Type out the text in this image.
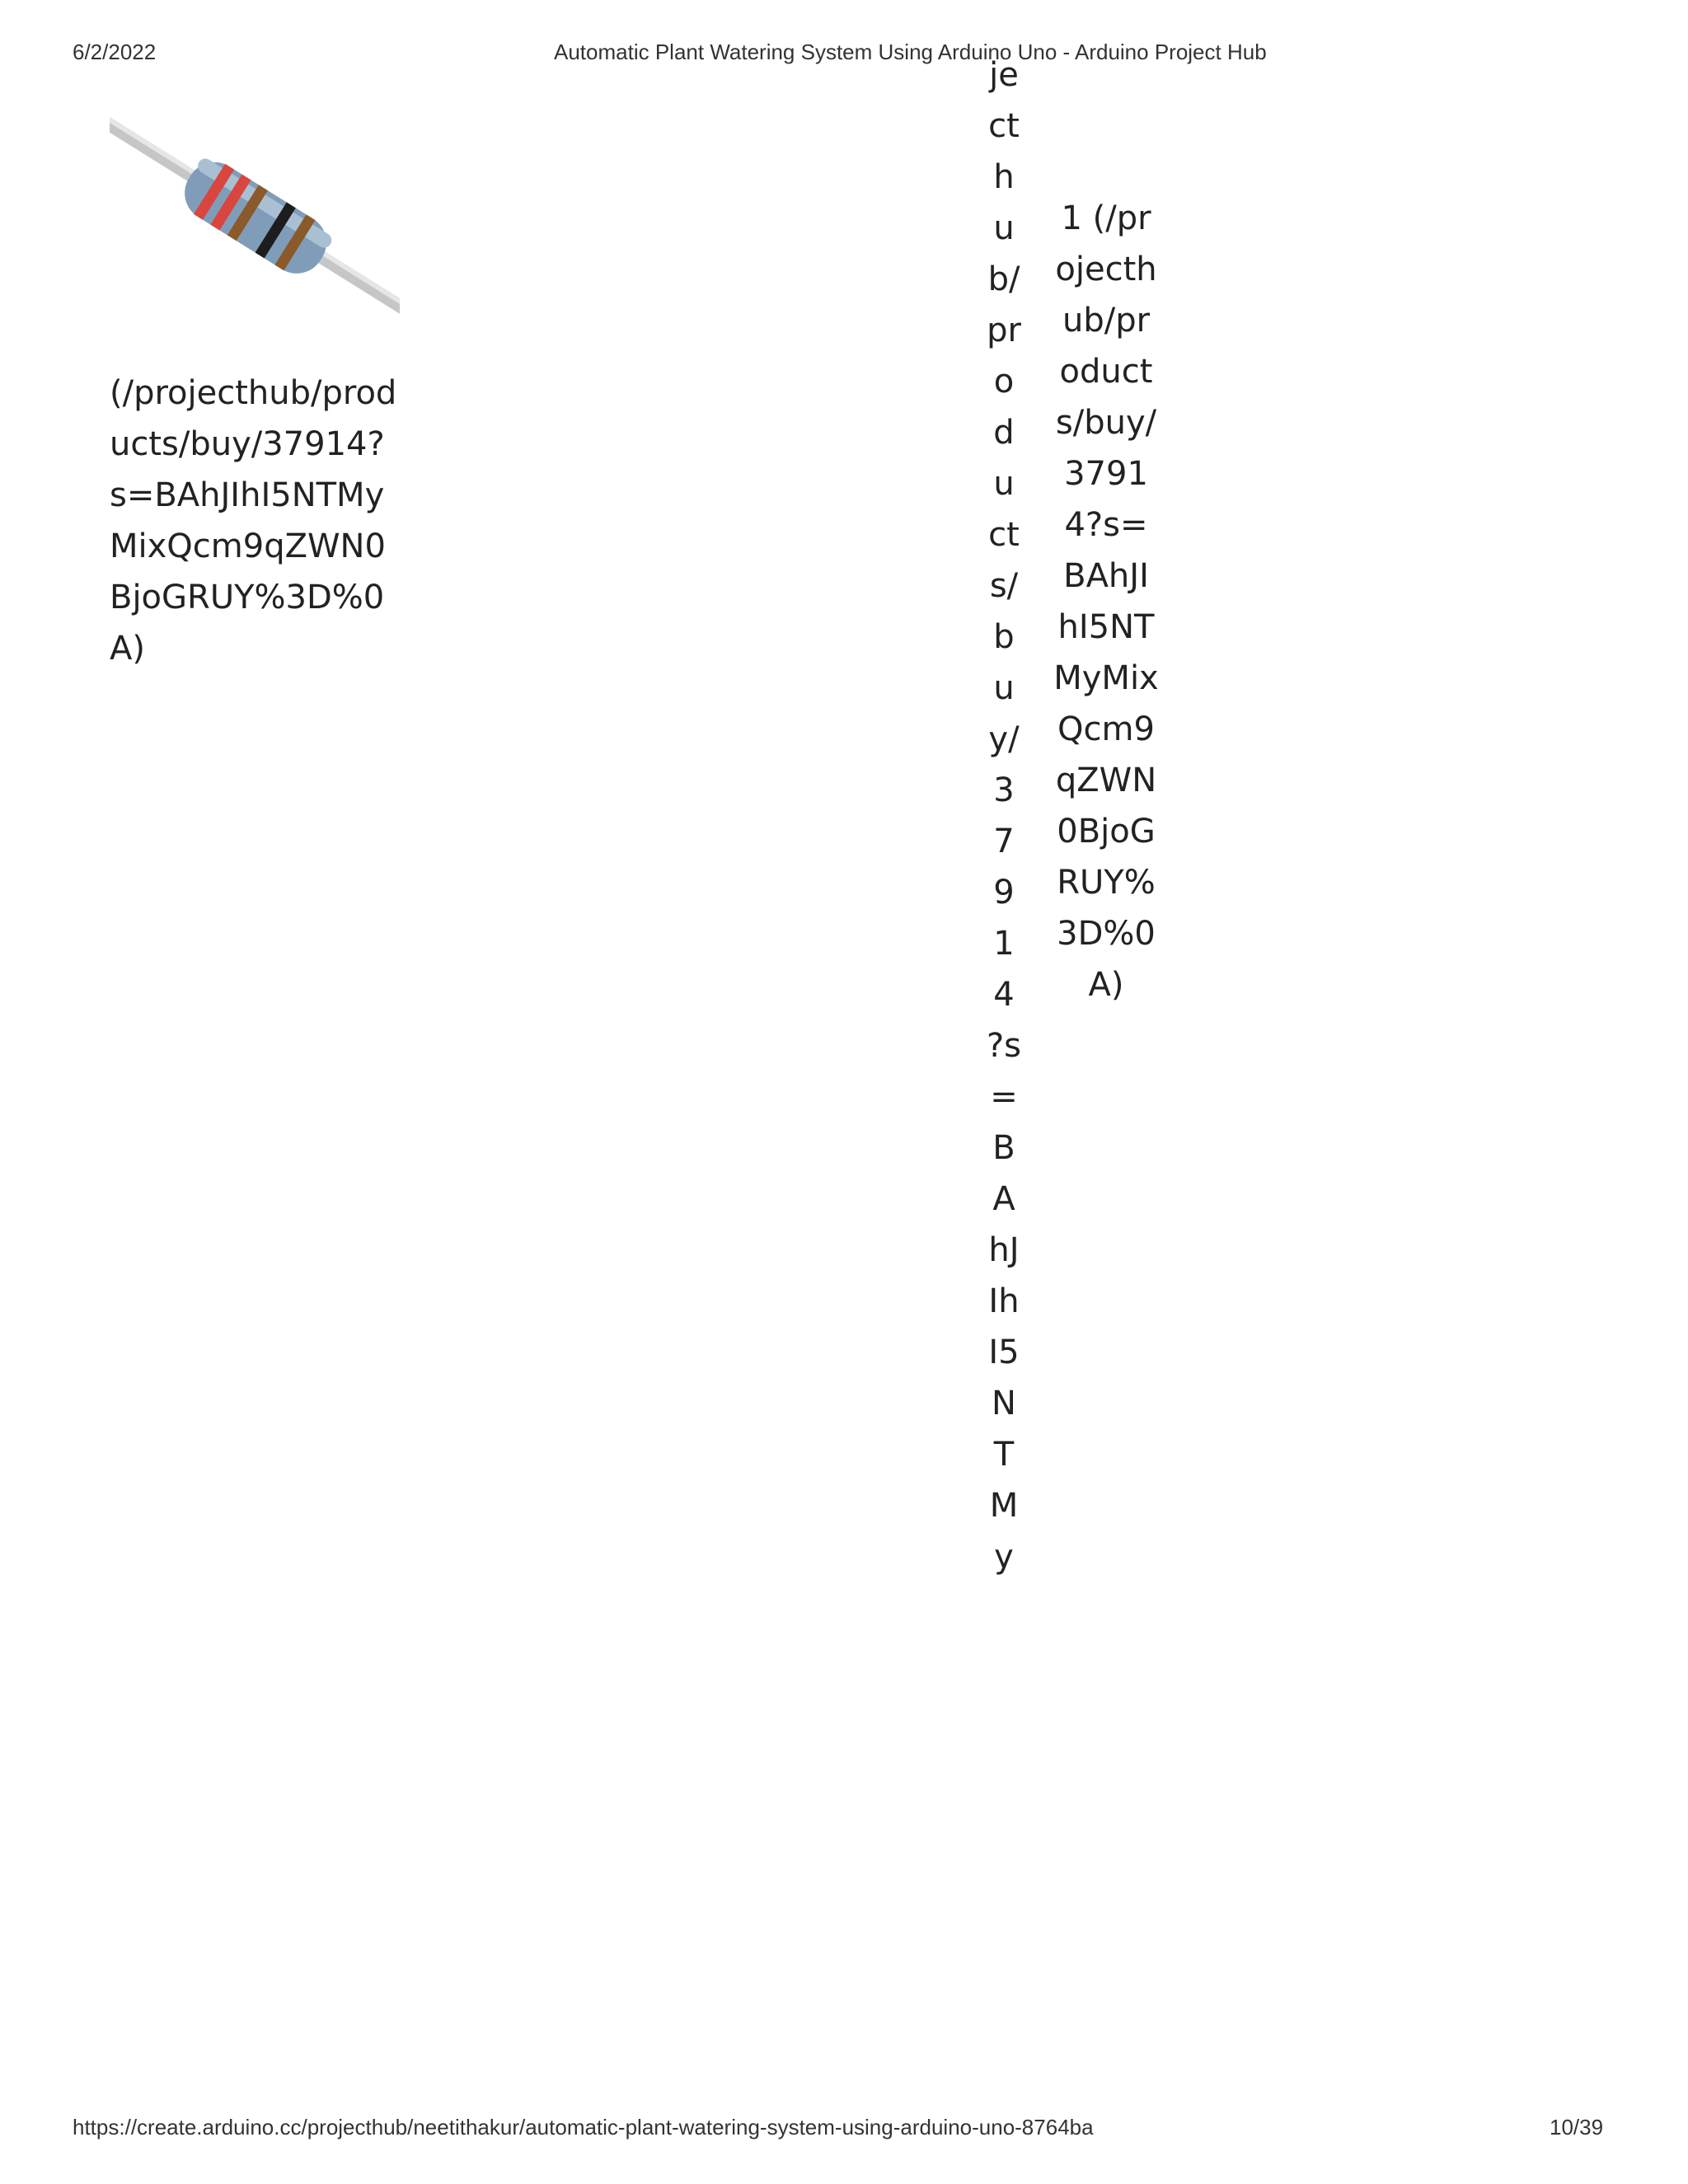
6/2/2022	Automatic Plant Watering System Using Arduino Uno - Arduino Project Hub
(/projecthub/products/buy/37914?s=BAhJIhI5NTMyMixQcm9qZWN0BjoGRUY%3D%0A)
jecthub/products/buy/37914?s=BAhJIhI5NTMy
1 (/projecthub/products/buy/37914?s=BAhJIhI5NTMyMixQcm9qZWN0BjoGRUY%3D%0A)
https://create.arduino.cc/projecthub/neetithakur/automatic-plant-watering-system-using-arduino-uno-8764ba	10/39
